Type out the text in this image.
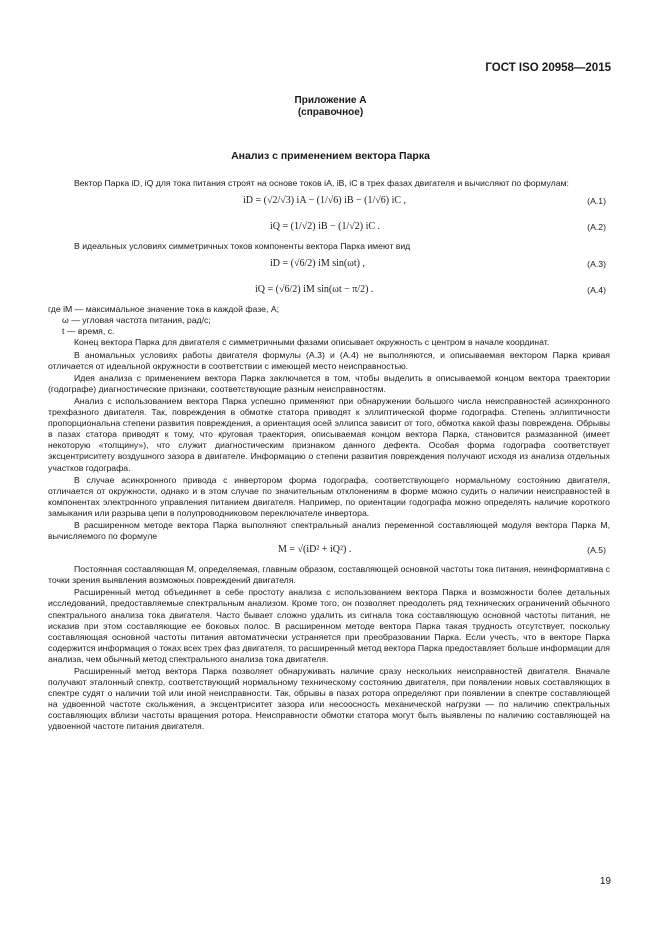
ГОСТ ISO 20958—2015
Приложение А
(справочное)
Анализ с применением вектора Парка

Вектор Парка iD, iQ для тока питания строят на основе токов iA, iB, iC в трех фазах двигателя и вычисляют по формулам:

iD = (√2/√3) iA − (1/√6) iB − (1/√6) iC ,	(А.1)
iQ = (1/√2) iB − (1/√2) iC .	(А.2)

В идеальных условиях симметричных токов компоненты вектора Парка имеют вид

iD = (√6/2) iM sin(ωt) ,	(А.3)
iQ = (√6/2) iM sin(ωt − π/2) .	(А.4)

где iM — максимальное значение тока в каждой фазе, А;

ω — угловая частота питания, рад/с;

t — время, с.

Конец вектора Парка для двигателя с симметричными фазами описывает окружность с центром в начале координат.

В аномальных условиях работы двигателя формулы (А.3) и (А.4) не выполняются, и описываемая вектором Парка кривая отличается от идеальной окружности в соответствии с имеющей место неисправностью.

Идея анализа с применением вектора Парка заключается в том, чтобы выделить в описываемой концом вектора траектории (годографе) диагностические признаки, соответствующие разным неисправностям.

Анализ с использованием вектора Парка успешно применяют при обнаружении большого числа неисправностей асинхронного трехфазного двигателя. Так, повреждения в обмотке статора приводят к эллиптической форме годографа. Степень эллиптичности пропорциональна степени развития повреждения, а ориентация осей эллипса зависит от того, обмотка какой фазы повреждена. Обрывы в пазах статора приводят к тому, что круговая траектория, описываемая концом вектора Парка, становится размазанной (имеет некоторую «толщину»), что служит диагностическим признаком данного дефекта. Особая форма годографа соответствует эксцентриситету воздушного зазора в двигателе. Информацию о степени развития повреждения получают исходя из анализа отдельных участков годографа.

В случае асинхронного привода с инвертором форма годографа, соответствующего нормальному состоянию двигателя, отличается от окружности, однако и в этом случае по значительным отклонениям в форме можно судить о наличии неисправностей в компонентах электронного управления питанием двигателя. Например, по ориентации годографа можно определять наличие короткого замыкания или разрыва цепи в полупроводниковом переключателе инвертора.

В расширенном методе вектора Парка выполняют спектральный анализ переменной составляющей модуля вектора Парка M, вычисляемого по формуле

M = √(iD² + iQ²) .	(А.5)

Постоянная составляющая M, определяемая, главным образом, составляющей основной частоты тока питания, неинформативна с точки зрения выявления возможных повреждений двигателя.

Расширенный метод объединяет в себе простоту анализа с использованием вектора Парка и возможности более детальных исследований, предоставляемые спектральным анализом. Кроме того, он позволяет преодолеть ряд технических ограничений обычного спектрального анализа тока двигателя. Часто бывает сложно удалить из сигнала тока составляющую основной частоты питания, не исказив при этом составляющие ее боковых полос. В расширенном методе вектора Парка такая трудность отсутствует, поскольку составляющая основной частоты питания автоматически устраняется при преобразовании Парка. Если учесть, что в векторе Парка содержится информация о токах всех трех фаз двигателя, то расширенный метод вектора Парка предоставляет больше информации для анализа, чем обычный метод спектрального анализа тока двигателя.

Расширенный метод вектора Парка позволяет обнаруживать наличие сразу нескольких неисправностей двигателя. Вначале получают эталонный спектр, соответствующий нормальному техническому состоянию двигателя, при появлении новых составляющих в спектре судят о наличии той или иной неисправности. Так, обрывы в пазах ротора определяют при появлении в спектре составляющей на удвоенной частоте скольжения, а эксцентриситет зазора или несоосность механической нагрузки — по наличию спектральных составляющих вблизи частоты вращения ротора. Неисправности обмотки статора могут быть выявлены по наличию составляющей на удвоенной частоте питания двигателя.

19
